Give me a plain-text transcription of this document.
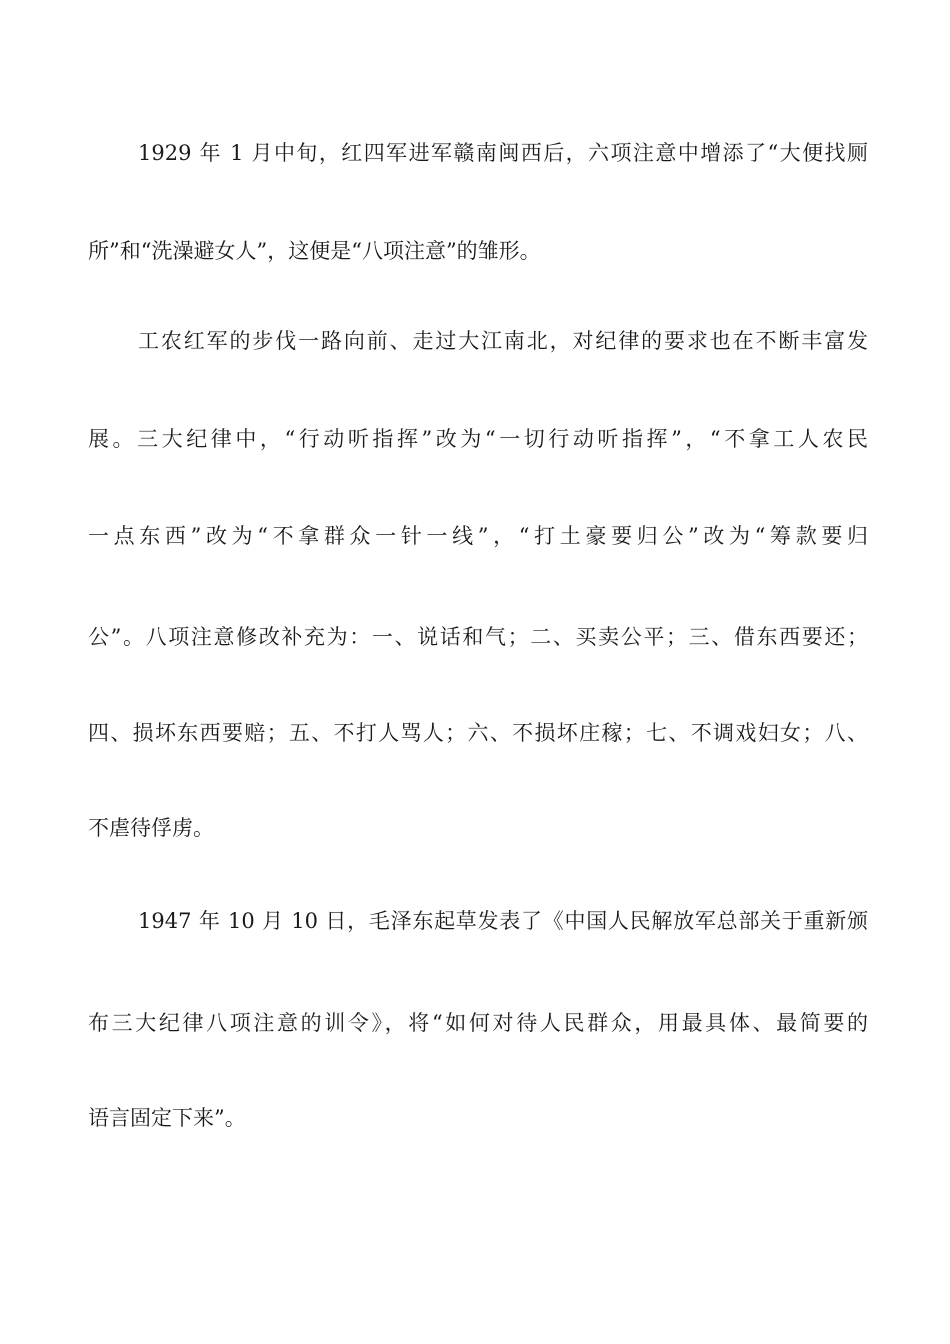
1929 年 1 月中旬，红四军进军赣南闽西后，六项注意中增添了“大便找厕
所”和“洗澡避女人”，这便是“八项注意”的雏形。
工农红军的步伐一路向前、走过大江南北，对纪律的要求也在不断丰富发
展。三大纪律中，“行动听指挥”改为“一切行动听指挥”，“不拿工人农民
一点东西”改为“不拿群众一针一线”，“打土豪要归公”改为“筹款要归
公”。八项注意修改补充为：一、说话和气；二、买卖公平；三、借东西要还；
四、损坏东西要赔；五、不打人骂人；六、不损坏庄稼；七、不调戏妇女；八、
不虐待俘虏。
1947 年 10 月 10 日，毛泽东起草发表了《中国人民解放军总部关于重新颁
布三大纪律八项注意的训令》，将“如何对待人民群众，用最具体、最简要的
语言固定下来”。
